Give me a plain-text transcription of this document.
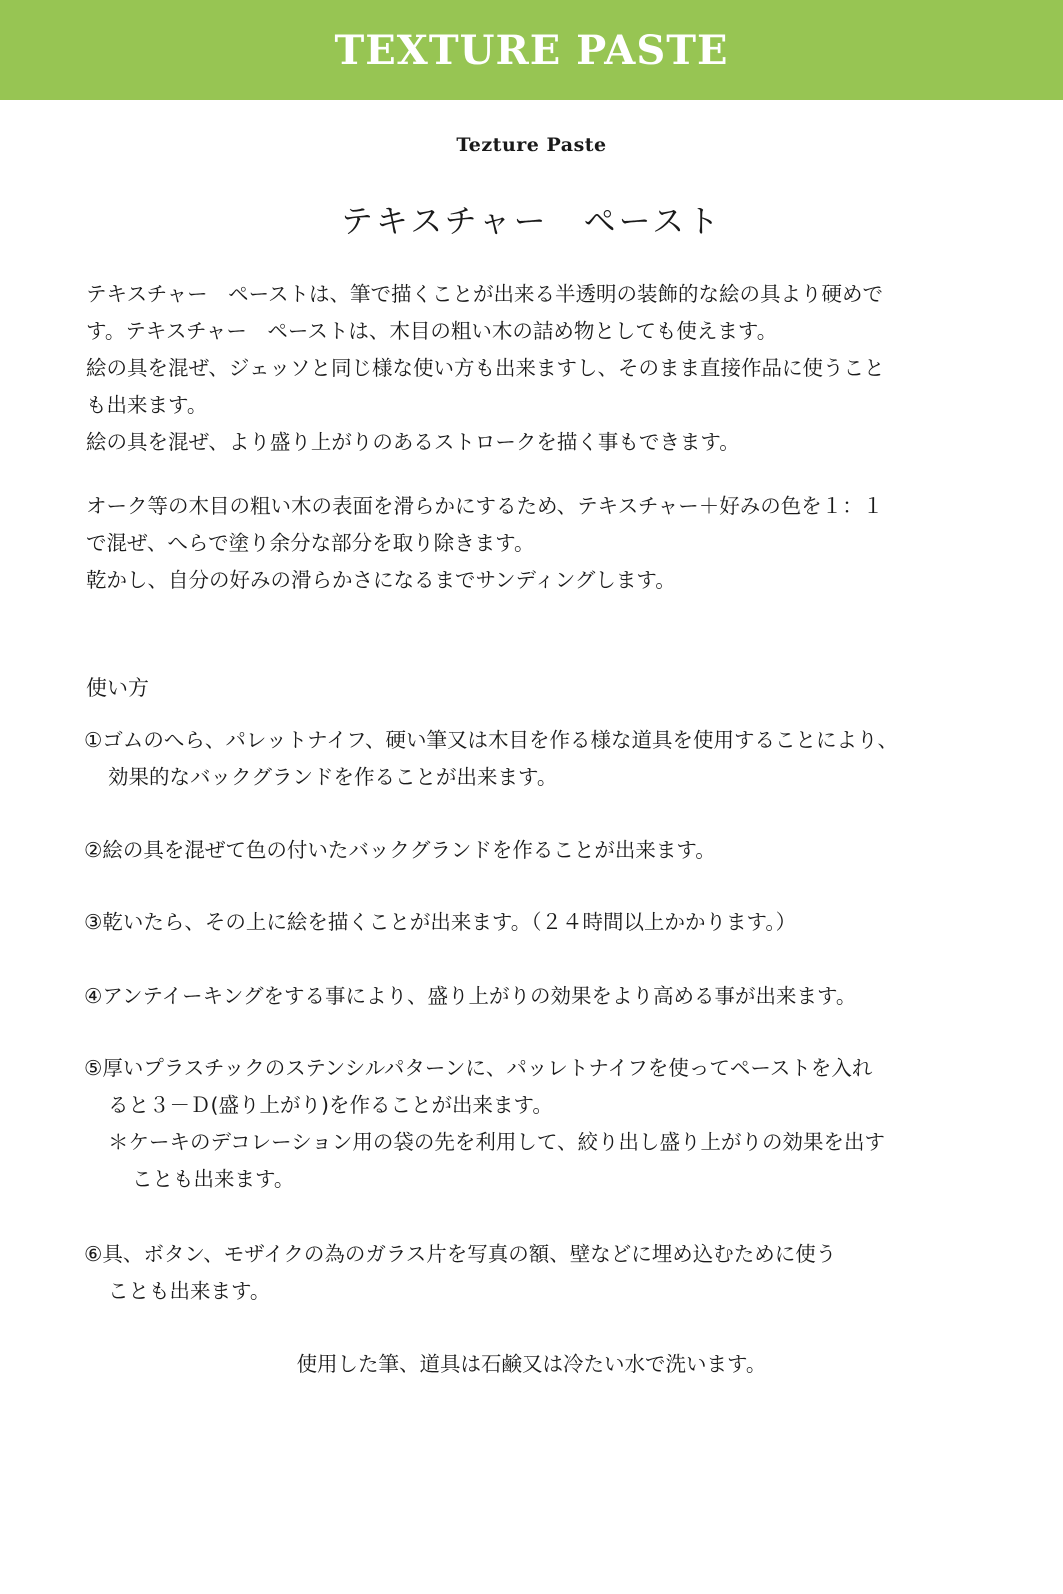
TEXTURE PASTE
Tezture Paste
テキスチャー　ペースト
テキスチャー　ペーストは、筆で描くことが出来る半透明の装飾的な絵の具より硬めで
す。テキスチャー　ペーストは、木目の粗い木の詰め物としても使えます。
絵の具を混ぜ、ジェッソと同じ様な使い方も出来ますし、そのまま直接作品に使うこと
も出来ます。
絵の具を混ぜ、より盛り上がりのあるストロークを描く事もできます。
オーク等の木目の粗い木の表面を滑らかにするため、テキスチャー＋好みの色を１：１
で混ぜ、へらで塗り余分な部分を取り除きます。
乾かし、自分の好みの滑らかさになるまでサンディングします。
使い方
①ゴムのへら、パレットナイフ、硬い筆又は木目を作る様な道具を使用することにより、
効果的なバックグランドを作ることが出来ます。
②絵の具を混ぜて色の付いたバックグランドを作ることが出来ます。
③乾いたら、その上に絵を描くことが出来ます。（２４時間以上かかります。）
④アンテイーキングをする事により、盛り上がりの効果をより高める事が出来ます。
⑤厚いプラスチックのステンシルパターンに、パッレトナイフを使ってペーストを入れ
ると３－Ｄ(盛り上がり)を作ることが出来ます。
＊ケーキのデコレーション用の袋の先を利用して、絞り出し盛り上がりの効果を出す
ことも出来ます。
⑥具、ボタン、モザイクの為のガラス片を写真の額、壁などに埋め込むために使う
ことも出来ます。
使用した筆、道具は石鹸又は冷たい水で洗います。
